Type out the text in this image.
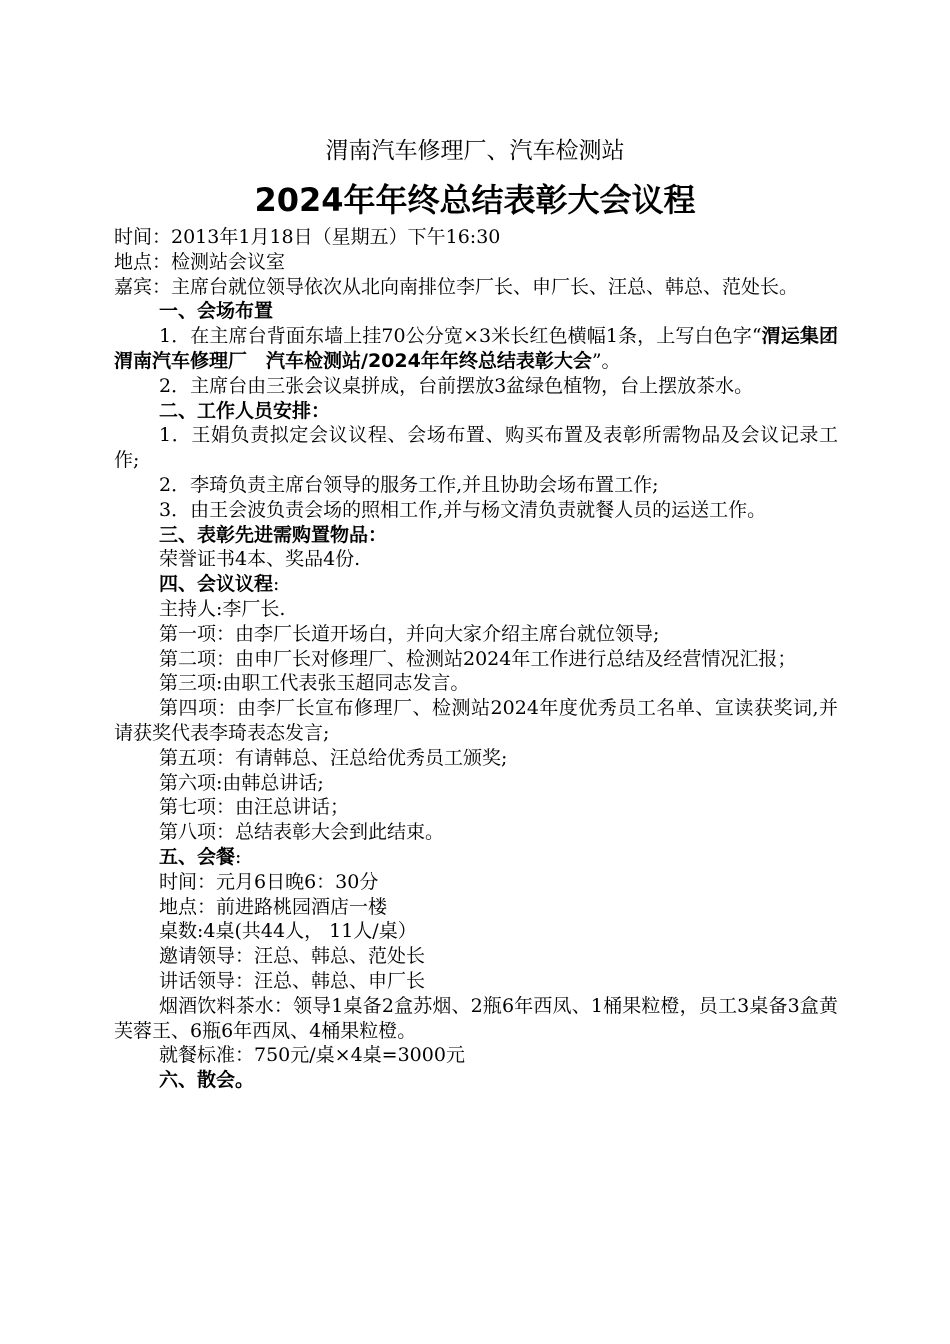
渭南汽车修理厂、汽车检测站
2024年年终总结表彰大会议程

时间：2013年1月18日（星期五）下午16:30

地点：检测站会议室

嘉宾：主席台就位领导依次从北向南排位李厂长、申厂长、汪总、韩总、范处长。

一、会场布置

1．在主席台背面东墙上挂70公分宽×3米长红色横幅1条，上写白色字“渭运集团渭南汽车修理厂　汽车检测站/2024年年终总结表彰大会”。

2．主席台由三张会议桌拼成，台前摆放3盆绿色植物，台上摆放茶水。

二、工作人员安排：

1．王娟负责拟定会议议程、会场布置、购买布置及表彰所需物品及会议记录工作;

2．李琦负责主席台领导的服务工作,并且协助会场布置工作;

3．由王会波负责会场的照相工作,并与杨文清负责就餐人员的运送工作。

三、表彰先进需购置物品：

荣誉证书4本、奖品4份.

四、会议议程:

主持人:李厂长.

第一项：由李厂长道开场白，并向大家介绍主席台就位领导;

第二项：由申厂长对修理厂、检测站2024年工作进行总结及经营情况汇报；

第三项:由职工代表张玉超同志发言。

第四项：由李厂长宣布修理厂、检测站2024年度优秀员工名单、宣读获奖词,并请获奖代表李琦表态发言;

第五项：有请韩总、汪总给优秀员工颁奖;

第六项:由韩总讲话;

第七项：由汪总讲话；

第八项：总结表彰大会到此结束。

五、会餐:

时间：元月6日晚6：30分

地点：前进路桃园酒店一楼

桌数:4桌(共44人， 11人/桌）

邀请领导：汪总、韩总、范处长

讲话领导：汪总、韩总、申厂长

烟酒饮料茶水：领导1桌备2盒苏烟、2瓶6年西凤、1桶果粒橙，员工3桌备3盒黄芙蓉王、6瓶6年西凤、4桶果粒橙。

就餐标准：750元/桌×4桌=3000元

六、散会。
